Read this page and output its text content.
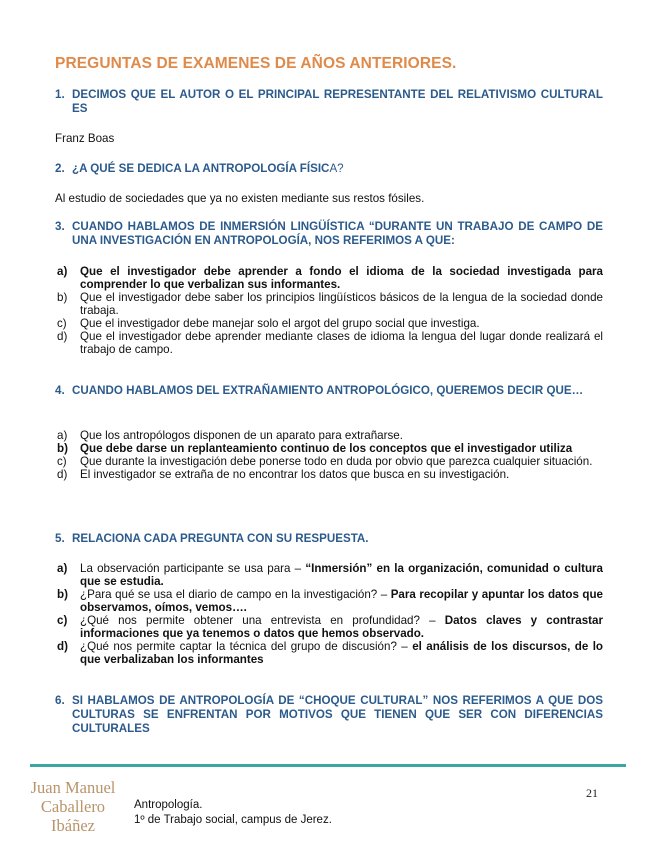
PREGUNTAS DE EXAMENES DE AÑOS ANTERIORES.
1. DECIMOS QUE EL AUTOR O EL PRINCIPAL REPRESENTANTE DEL RELATIVISMO CULTURAL ES
Franz Boas
2. ¿A QUÉ SE DEDICA LA ANTROPOLOGÍA FÍSICA?
Al estudio de sociedades que ya no existen mediante sus restos fósiles.
3. CUANDO HABLAMOS DE INMERSIÓN LINGÜÍSTICA “DURANTE UN TRABAJO DE CAMPO DE UNA INVESTIGACIÓN EN ANTROPOLOGÍA, NOS REFERIMOS A QUE:
a) Que el investigador debe aprender a fondo el idioma de la sociedad investigada para comprender lo que verbalizan sus informantes.
b) Que el investigador debe saber los principios lingüísticos básicos de la lengua de la sociedad donde trabaja.
c) Que el investigador debe manejar solo el argot del grupo social que investiga.
d) Que el investigador debe aprender mediante clases de idioma la lengua del lugar donde realizará el trabajo de campo.
4. CUANDO HABLAMOS DEL EXTRAÑAMIENTO ANTROPOLÓGICO, QUEREMOS DECIR QUE…
a) Que los antropólogos disponen de un aparato para extrañarse.
b) Que debe darse un replanteamiento continuo de los conceptos que el investigador utiliza
c) Que durante la investigación debe ponerse todo en duda por obvio que parezca cualquier situación.
d) El investigador se extraña de no encontrar los datos que busca en su investigación.
5. RELACIONA CADA PREGUNTA CON SU RESPUESTA.
a) La observación participante se usa para – “Inmersión” en la organización, comunidad o cultura que se estudia.
b) ¿Para qué se usa el diario de campo en la investigación? – Para recopilar y apuntar los datos que observamos, oímos, vemos….
c) ¿Qué nos permite obtener una entrevista en profundidad? – Datos claves y contrastar informaciones que ya tenemos o datos que hemos observado.
d) ¿Qué nos permite captar la técnica del grupo de discusión? – el análisis de los discursos, de lo que verbalizaban los informantes
6. SI HABLAMOS DE ANTROPOLOGÍA DE “CHOQUE CULTURAL” NOS REFERIMOS A QUE DOS CULTURAS SE ENFRENTAN POR MOTIVOS QUE TIENEN QUE SER CON DIFERENCIAS CULTURALES
Juan Manuel
Caballero
Ibáñez
21
Antropología.
1º de Trabajo social, campus de Jerez.
